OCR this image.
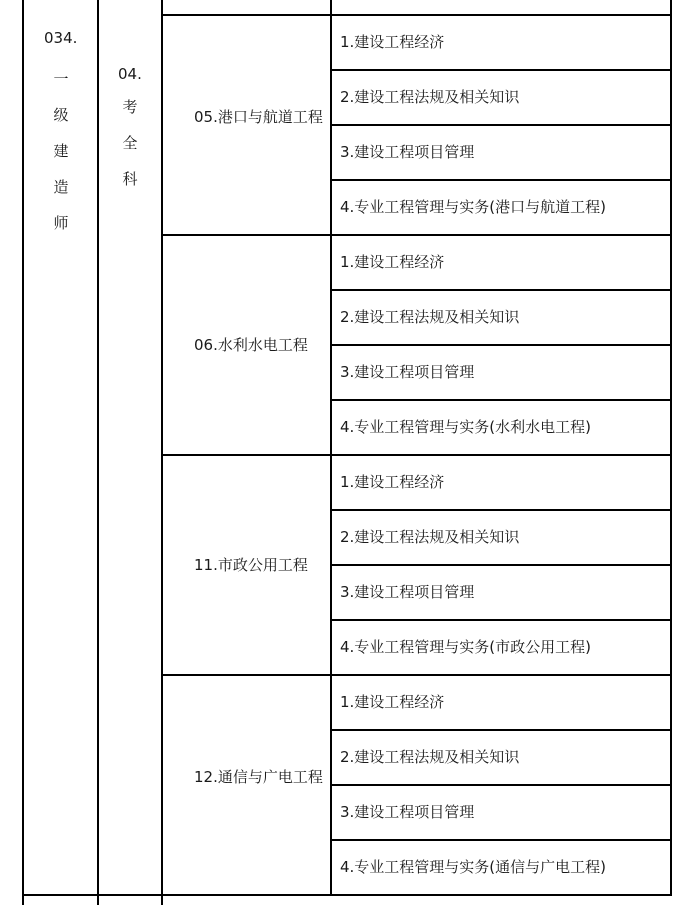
034.
一
级
建
造
师
04.
考
全
科
05.港口与航道工程
06.水利水电工程
11.市政公用工程
12.通信与广电工程
1.建设工程经济
2.建设工程法规及相关知识
3.建设工程项目管理
4.专业工程管理与实务(港口与航道工程)
1.建设工程经济
2.建设工程法规及相关知识
3.建设工程项目管理
4.专业工程管理与实务(水利水电工程)
1.建设工程经济
2.建设工程法规及相关知识
3.建设工程项目管理
4.专业工程管理与实务(市政公用工程)
1.建设工程经济
2.建设工程法规及相关知识
3.建设工程项目管理
4.专业工程管理与实务(通信与广电工程)
